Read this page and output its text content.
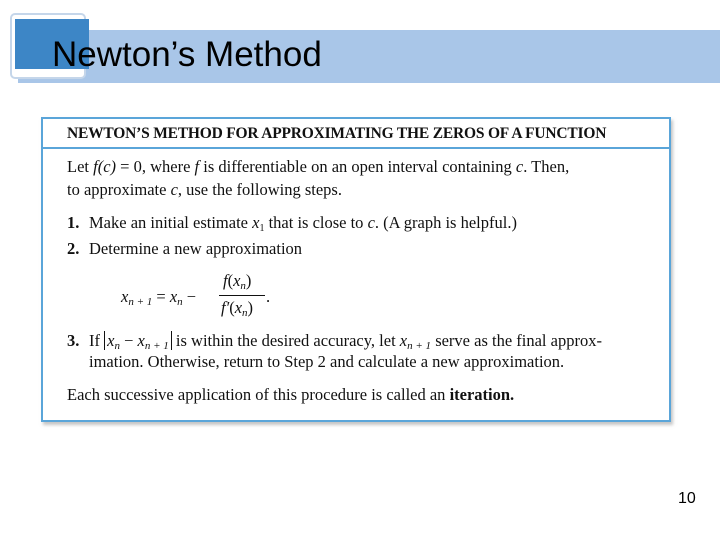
Newton’s Method
NEWTON’S METHOD FOR APPROXIMATING THE ZEROS OF A FUNCTION
Let f(c) = 0, where f is differentiable on an open interval containing c. Then,
to approximate c, use the following steps.
1. Make an initial estimate $x_1$ that is close to c. (A graph is helpful.)
2. Determine a new approximation
xn + 1 = xn −
f(xn)
f′(xn)
.
3. If xn − xn + 1 is within the desired accuracy, let xn + 1 serve as the final approx-
imation. Otherwise, return to Step 2 and calculate a new approximation.
Each successive application of this procedure is called an iteration.
10
